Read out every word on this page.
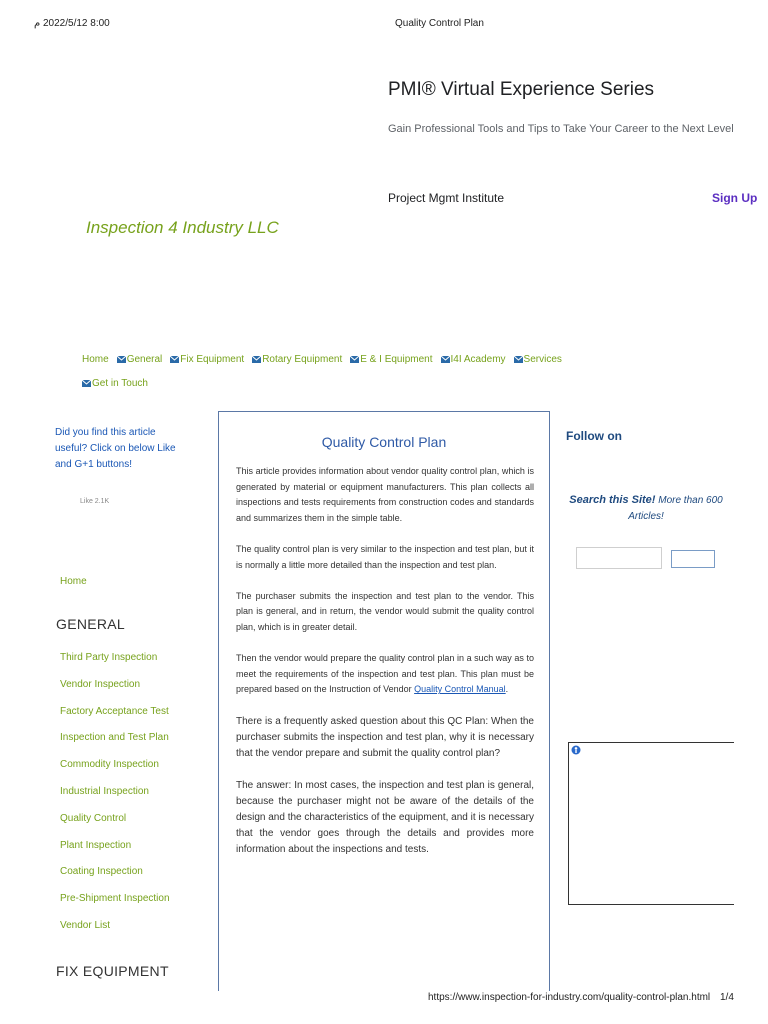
8:00 2022/5/12 م	Quality Control Plan
PMI® Virtual Experience Series
Gain Professional Tools and Tips to Take Your Career to the Next Level
Project Mgmt Institute	Sign Up
Inspection 4 Industry LLC
Home General Fix Equipment Rotary Equipment E & I Equipment I4I Academy Services
Get in Touch
Did you find this article useful? Click on below Like and G+1 buttons!
Like 2.1K
Home
GENERAL
Third Party Inspection
Vendor Inspection
Factory Acceptance Test
Inspection and Test Plan
Commodity Inspection
Industrial Inspection
Quality Control
Plant Inspection
Coating Inspection
Pre-Shipment Inspection
Vendor List
FIX EQUIPMENT
Quality Control Plan

This article provides information about vendor quality control plan, which is generated by material or equipment manufacturers. This plan collects all inspections and tests requirements from construction codes and standards and summarizes them in the simple table.

The quality control plan is very similar to the inspection and test plan, but it is normally a little more detailed than the inspection and test plan.

The purchaser submits the inspection and test plan to the vendor. This plan is general, and in return, the vendor would submit the quality control plan, which is in greater detail.

Then the vendor would prepare the quality control plan in a such way as to meet the requirements of the inspection and test plan. This plan must be prepared based on the Instruction of Vendor Quality Control Manual.

There is a frequently asked question about this QC Plan: When the purchaser submits the inspection and test plan, why it is necessary that the vendor prepare and submit the quality control plan?

The answer: In most cases, the inspection and test plan is general, because the purchaser might not be aware of the details of the design and the characteristics of the equipment, and it is necessary that the vendor goes through the details and provides more information about the inspections and tests.

Follow on
Search this Site! More than 600 Articles!
https://www.inspection-for-industry.com/quality-control-plan.html 1/4
